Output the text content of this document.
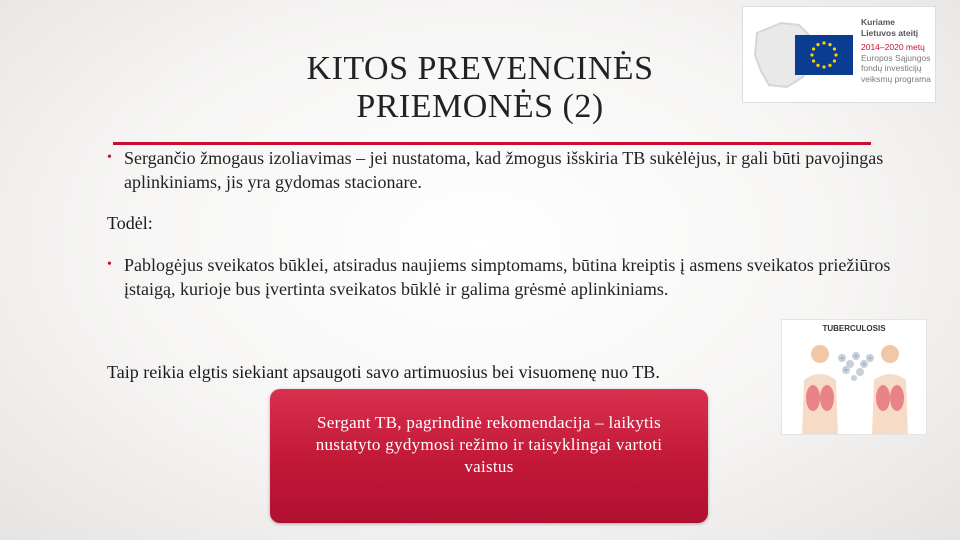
KITOS PREVENCINĖS
PRIEMONĖS (2)
Kuriame
Lietuvos ateitį
2014–2020 metų
Europos Sąjungos
fondų investicijų
veiksmų programa
• Sergančio žmogaus izoliavimas – jei nustatoma, kad žmogus išskiria TB sukėlėjus, ir gali būti pavojingas aplinkiniams, jis yra gydomas stacionare.
Todėl:
• Pablogėjus sveikatos būklei, atsiradus naujiems simptomams, būtina kreiptis į asmens sveikatos priežiūros įstaigą, kurioje bus įvertinta sveikatos būklė ir galima grėsmė aplinkiniams.
Taip reikia elgtis siekiant apsaugoti savo artimuosius bei visuomenę nuo TB.
TUBERCULOSIS
Sergant TB, pagrindinė rekomendacija – laikytis nustatyto gydymosi režimo ir taisyklingai vartoti vaistus
